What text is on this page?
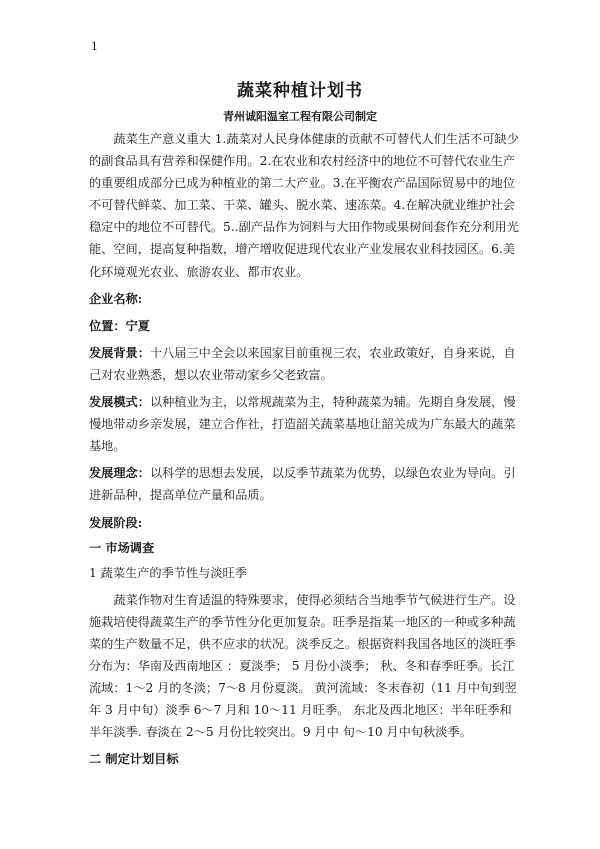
1
蔬菜种植计划书
青州诚阳温室工程有限公司制定

蔬菜生产意义重大 1.蔬菜对人民身体健康的贡献不可替代人们生活不可缺少的副食品具有营养和保健作用。2.在农业和农村经济中的地位不可替代农业生产的重要组成部分已成为种植业的第二大产业。3.在平衡农产品国际贸易中的地位不可替代鲜菜、加工菜、干菜、罐头、脱水菜、速冻菜。4.在解决就业维护社会稳定中的地位不可替代。5..副产品作为饲料与大田作物或果树间套作充分利用光能、空间，提高复种指数，增产增收促进现代农业产业发展农业科技园区。6.美化环境观光农业、旅游农业、都市农业。

企业名称:

位置：宁夏

发展背景：十八届三中全会以来国家目前重视三农，农业政策好，自身来说，自己对农业熟悉，想以农业带动家乡父老致富。

发展模式：以种植业为主，以常规蔬菜为主，特种蔬菜为辅。先期自身发展，慢慢地带动乡亲发展，建立合作社，打造韶关蔬菜基地让韶关成为广东最大的蔬菜基地。

发展理念：以科学的思想去发展，以反季节蔬菜为优势，以绿色农业为导向。引进新品种，提高单位产量和品质。

发展阶段:

一 市场调查

1 蔬菜生产的季节性与淡旺季

蔬菜作物对生育适温的特殊要求，使得必须结合当地季节气候进行生产。设施栽培使得蔬菜生产的季节性分化更加复杂。旺季是指某一地区的一种或多种蔬菜的生产数量不足，供不应求的状况。淡季反之。根据资料我国各地区的淡旺季分布为：华南及西南地区 ：夏淡季； 5 月份小淡季； 秋、冬和春季旺季。长江流域：1～2 月的冬淡；7～8 月份夏淡。 黄河流域：冬末春初（11 月中旬到翌年 3 月中旬）淡季 6～7 月和 10～11 月旺季。 东北及西北地区：半年旺季和半年淡季. 春淡在 2～5 月份比较突出。9 月中 旬～10 月中旬秋淡季。

二 制定计划目标
